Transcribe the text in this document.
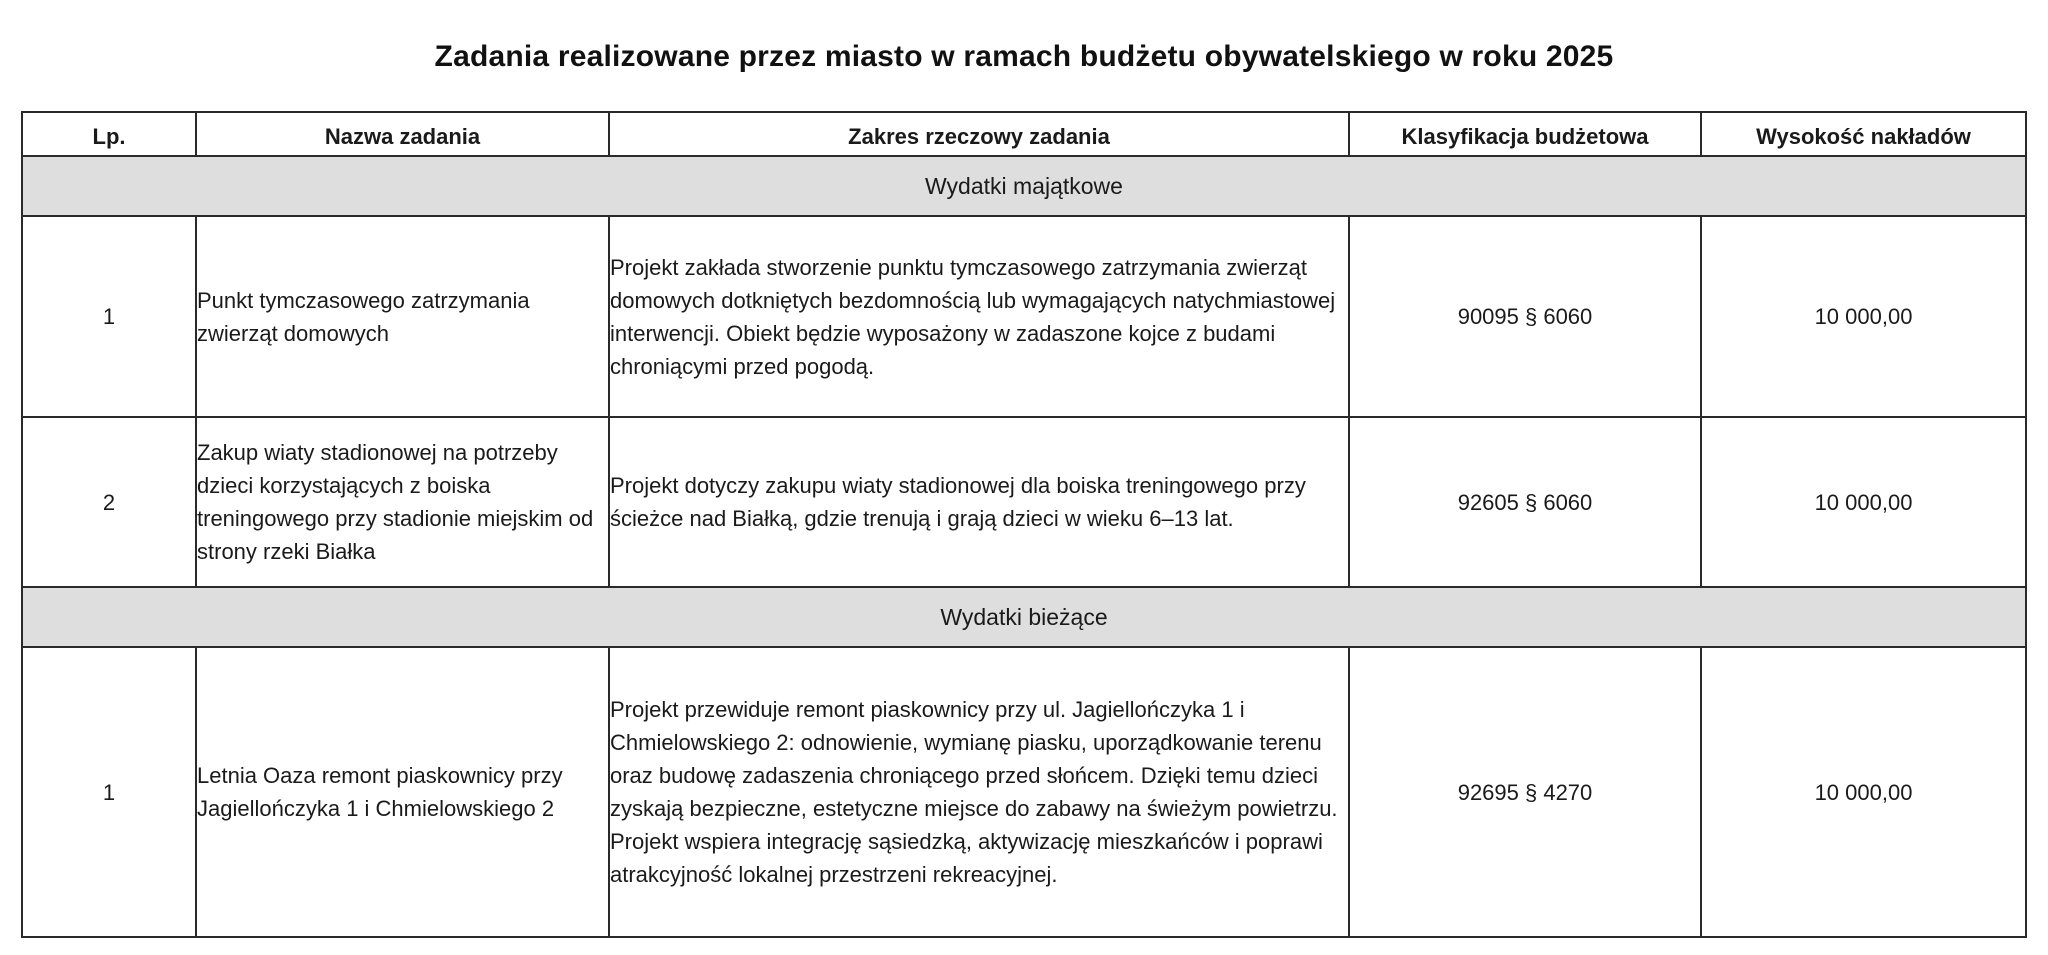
Zadania realizowane przez miasto w ramach budżetu obywatelskiego w roku 2025
Lp.	Nazwa zadania	Zakres rzeczowy zadania	Klasyfikacja budżetowa	Wysokość nakładów
Wydatki majątkowe				
1	Punkt tymczasowego zatrzymania zwierząt domowych	Projekt zakłada stworzenie punktu tymczasowego zatrzymania zwierząt domowych dotkniętych bezdomnością lub wymagających natychmiastowej interwencji. Obiekt będzie wyposażony w zadaszone kojce z budami chroniącymi przed pogodą.	90095 § 6060	10 000,00
2	Zakup wiaty stadionowej na potrzeby dzieci korzystających z boiska treningowego przy stadionie miejskim od strony rzeki Białka	Projekt dotyczy zakupu wiaty stadionowej dla boiska treningowego przy ścieżce nad Białką, gdzie trenują i grają dzieci w wieku 6–13 lat.	92605 § 6060	10 000,00
Wydatki bieżące				
1	Letnia Oaza remont piaskownicy przy Jagiellończyka 1 i Chmielowskiego 2	Projekt przewiduje remont piaskownicy przy ul. Jagiellończyka 1 i Chmielowskiego 2: odnowienie, wymianę piasku, uporządkowanie terenu oraz budowę zadaszenia chroniącego przed słońcem. Dzięki temu dzieci zyskają bezpieczne, estetyczne miejsce do zabawy na świeżym powietrzu. Projekt wspiera integrację sąsiedzką, aktywizację mieszkańców i poprawi atrakcyjność lokalnej przestrzeni rekreacyjnej.	92695 § 4270	10 000,00
